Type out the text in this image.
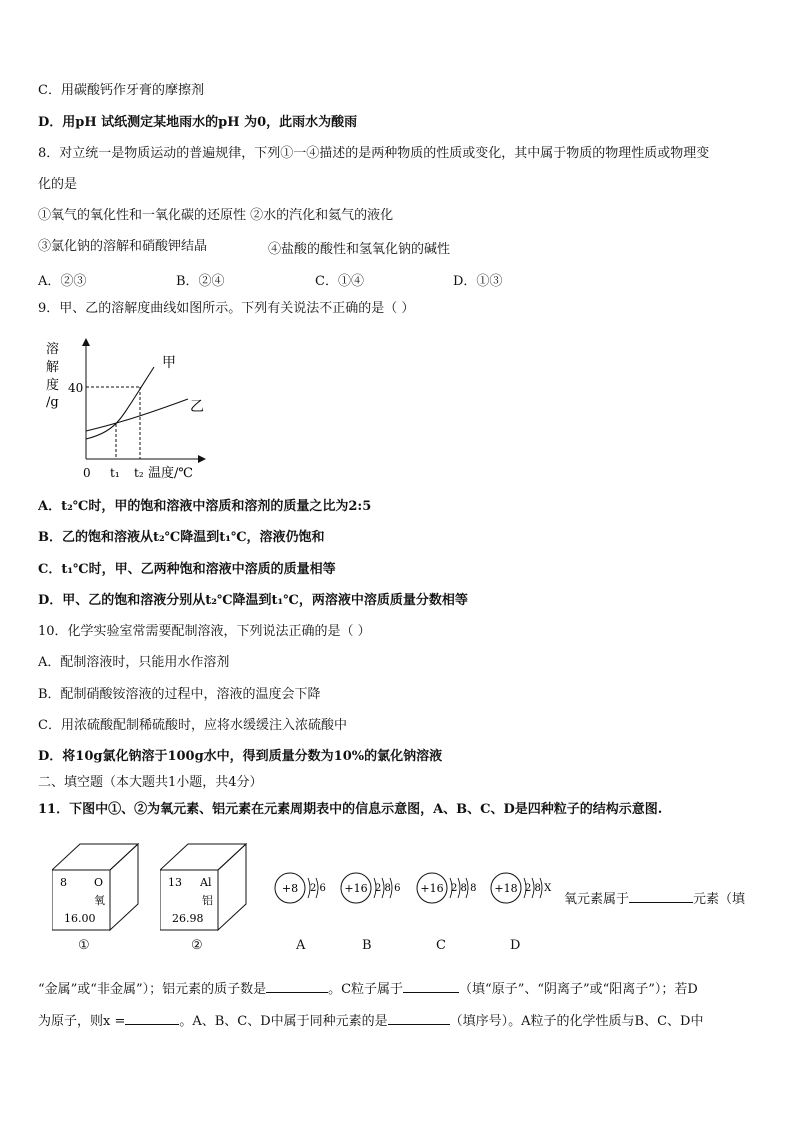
C．用碳酸钙作牙膏的摩擦剂
D．用pH 试纸测定某地雨水的pH 为0，此雨水为酸雨
8．对立统一是物质运动的普遍规律，下列①一④描述的是两种物质的性质或变化，其中属于物质的物理性质或物理变
化的是
①氧气的氧化性和一氧化碳的还原性 ②水的汽化和氦气的液化
③氯化钠的溶解和硝酸钾结晶	④盐酸的酸性和氢氧化钠的碱性
A．②③	B．②④	C．①④	D．①③
9．甲、乙的溶解度曲线如图所示。下列有关说法不正确的是（ ）
溶
解
度
/g
40
甲
乙
0 t₁ t₂ 温度/℃
A．t₂℃时，甲的饱和溶液中溶质和溶剂的质量之比为2:5
B．乙的饱和溶液从t₂℃降温到t₁℃，溶液仍饱和
C．t₁℃时，甲、乙两种饱和溶液中溶质的质量相等
D．甲、乙的饱和溶液分别从t₂℃降温到t₁℃，两溶液中溶质质量分数相等
10．化学实验室常需要配制溶液，下列说法正确的是（ ）
A．配制溶液时，只能用水作溶剂
B．配制硝酸铵溶液的过程中，溶液的温度会下降
C．用浓硫酸配制稀硫酸时，应将水缓缓注入浓硫酸中
D．将10g氯化钠溶于100g水中，得到质量分数为10%的氯化钠溶液
二、填空题（本大题共1小题，共4分）
11．下图中①、②为氧元素、铝元素在元素周期表中的信息示意图，A、B、C、D是四种粒子的结构示意图.
8 O
氧
16.00
①
13 Al
铝
26.98
②
+8 2 6
A
+16 2 8 6
B
+16 2 8 8
C
+18 2 8 X
D
氧元素属于	元素（填
“金属”或“非金属”）；铝元素的质子数是	。C粒子属于	（填“原子”、“阴离子”或“阳离子”）；若D
为原子，则x =	。A、B、C、D中属于同种元素的是	（填序号）。A粒子的化学性质与B、C、D中
